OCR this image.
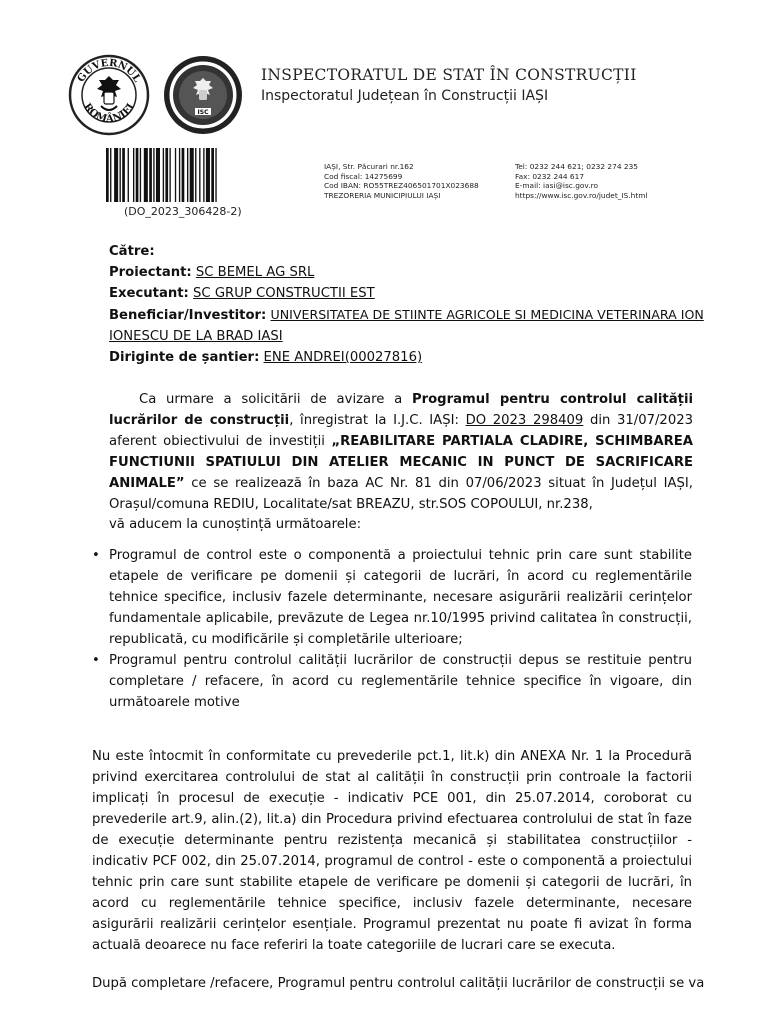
GUVERNUL
ROMÂNIEI
ISC
INSPECTORATUL DE STAT ÎN CONSTRUCȚII
Inspectoratul Județean în Construcții IAȘI
(DO_2023_306428-2)
IAȘI, Str. Păcurari nr.162
Cod fiscal: 14275699
Cod IBAN: RO55TREZ406501701X023688
TREZORERIA MUNICIPIULUI IAȘI
Tel: 0232 244 621; 0232 274 235
Fax: 0232 244 617
E-mail: iasi@isc.gov.ro
https://www.isc.gov.ro/judet_IS.html
Către:
Proiectant: SC BEMEL AG SRL
Executant: SC GRUP CONSTRUCTII EST
Beneficiar/Investitor: UNIVERSITATEA DE STIINTE AGRICOLE SI MEDICINA VETERINARA ION
IONESCU DE LA BRAD IASI
Diriginte de șantier: ENE ANDREI(00027816)
Ca urmare a solicitării de avizare a Programul pentru controlul calității lucrărilor de construcții, înregistrat la I.J.C. IAȘI: DO 2023 298409 din 31/07/2023 aferent obiectivului de investiții „REABILITARE PARTIALA CLADIRE, SCHIMBAREA FUNCTIUNII SPATIULUI DIN ATELIER MECANIC IN PUNCT DE SACRIFICARE ANIMALE” ce se realizează în baza AC Nr. 81 din 07/06/2023 situat în Județul IAȘI, Orașul/comuna REDIU, Localitate/sat BREAZU, str.SOS COPOULUI, nr.238,
vă aducem la cunoștință următoarele:
• Programul de control este o componentă a proiectului tehnic prin care sunt stabilite etapele de verificare pe domenii și categorii de lucrări, în acord cu reglementările tehnice specifice, inclusiv fazele determinante, necesare asigurării realizării cerințelor fundamentale aplicabile, prevăzute de Legea nr.10/1995 privind calitatea în construcții, republicată, cu modificările și completările ulterioare;
• Programul pentru controlul calității lucrărilor de construcții depus se restituie pentru completare / refacere, în acord cu reglementările tehnice specifice în vigoare, din următoarele motive
Nu este întocmit în conformitate cu prevederile pct.1, lit.k) din ANEXA Nr. 1 la Procedură privind exercitarea controlului de stat al calității în construcții prin controale la factorii implicați în procesul de execuție - indicativ PCE 001, din 25.07.2014, coroborat cu prevederile art.9, alin.(2), lit.a) din Procedura privind efectuarea controlului de stat în faze de execuție determinante pentru rezistența mecanică și stabilitatea construcțiilor - indicativ PCF 002, din 25.07.2014, programul de control - este o componentă a proiectului tehnic prin care sunt stabilite etapele de verificare pe domenii și categorii de lucrări, în acord cu reglementările tehnice specifice, inclusiv fazele determinante, necesare asigurării realizării cerințelor esențiale. Programul prezentat nu poate fi avizat în forma actuală deoarece nu face referiri la toate categoriile de lucrari care se executa.
După completare /refacere, Programul pentru controlul calității lucrărilor de construcții se va
